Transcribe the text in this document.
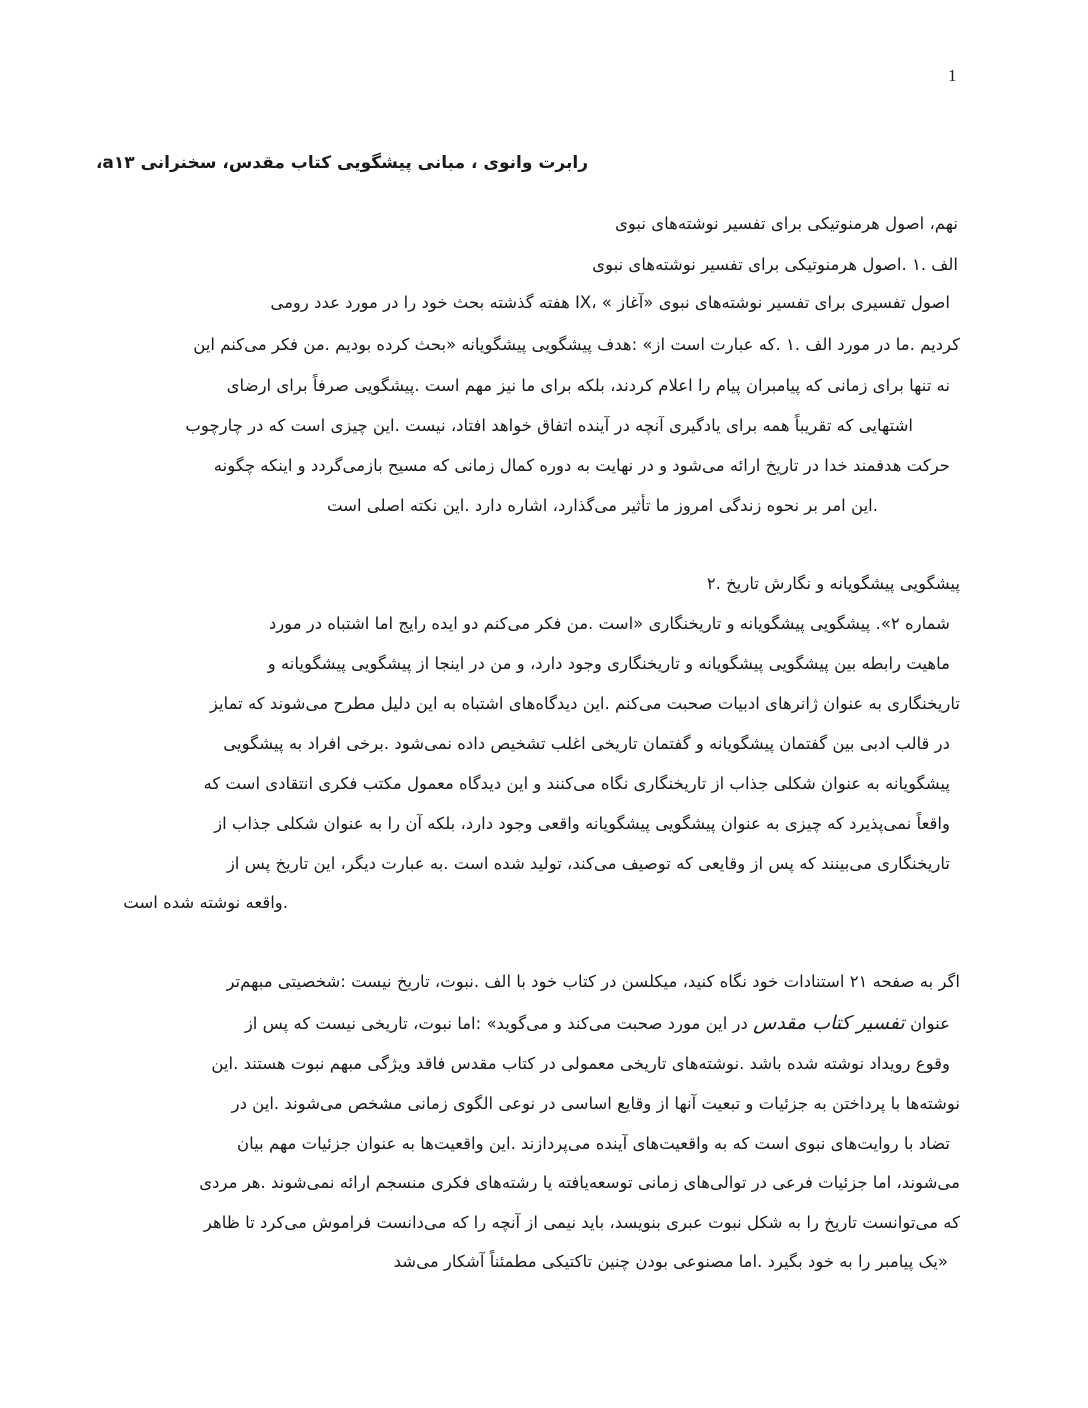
1
،aرابرت وانوی ، مبانی پیشگویی کتاب مقدس، سخنرانی ۱۳
نهم، اصول هرمنوتیکی برای تفسیر نوشته‌های نبوی
الف .۱ .اصول هرمنوتیکی برای تفسیر نوشته‌های نبوی
اصول تفسیری برای تفسیر نوشته‌های نبوی «آغاز » ،IX هفته گذشته بحث خود را در مورد عدد رومی
کردیم .ما در مورد الف .۱ .که عبارت است از» :هدف پیشگویی پیشگویانه «بحث کرده بودیم .من فکر می‌کنم این
نه تنها برای زمانی که پیامبران پیام را اعلام کردند، بلکه برای ما نیز مهم است .پیشگویی صرفاً برای ارضای
اشتهایی که تقریباً همه برای یادگیری آنچه در آینده اتفاق خواهد افتاد، نیست .این چیزی است که در چارچوب
حرکت هدفمند خدا در تاریخ ارائه می‌شود و در نهایت به دوره کمال زمانی که مسیح بازمی‌گردد و اینکه چگونه
.این امر بر نحوه زندگی امروز ما تأثیر می‌گذارد، اشاره دارد .این نکته اصلی است
پیشگویی پیشگویانه و نگارش تاریخ .۲
شماره ۲». پیشگویی پیشگویانه و تاریخنگاری «است .من فکر می‌کنم دو ایده رایج اما اشتباه در مورد
ماهیت رابطه بین پیشگویی پیشگویانه و تاریخنگاری وجود دارد، و من در اینجا از پیشگویی پیشگویانه و
تاریخنگاری به عنوان ژانرهای ادبیات صحبت می‌کنم .این دیدگاه‌های اشتباه به این دلیل مطرح می‌شوند که تمایز
در قالب ادبی بین گفتمان پیشگویانه و گفتمان تاریخی اغلب تشخیص داده نمی‌شود .برخی افراد به پیشگویی
پیشگویانه به عنوان شکلی جذاب از تاریخنگاری نگاه می‌کنند و این دیدگاه معمول مکتب فکری انتقادی است که
واقعاً نمی‌پذیرد که چیزی به عنوان پیشگویی پیشگویانه واقعی وجود دارد، بلکه آن را به عنوان شکلی جذاب از
تاریخنگاری می‌بینند که پس از وقایعی که توصیف می‌کند، تولید شده است .به عبارت دیگر، این تاریخ پس از
.واقعه نوشته شده است
اگر به صفحه ۲۱ استنادات خود نگاه کنید، میکلسن در کتاب خود با الف .نبوت، تاریخ نیست :شخصیتی مبهم‌تر
عنوان تفسیر کتاب مقدس در این مورد صحبت می‌کند و می‌گوید» :اما نبوت، تاریخی نیست که پس از
وقوع رویداد نوشته شده باشد .نوشته‌های تاریخی معمولی در کتاب مقدس فاقد ویژگی مبهم نبوت هستند .این
نوشته‌ها با پرداختن به جزئیات و تبعیت آنها از وقایع اساسی در نوعی الگوی زمانی مشخص می‌شوند .این در
تضاد با روایت‌های نبوی است که به واقعیت‌های آینده می‌پردازند .این واقعیت‌ها به عنوان جزئیات مهم بیان
می‌شوند، اما جزئیات فرعی در توالی‌های زمانی توسعه‌یافته یا رشته‌های فکری منسجم ارائه نمی‌شوند .هر مردی
که می‌توانست تاریخ را به شکل نبوت عبری بنویسد، باید نیمی از آنچه را که می‌دانست فراموش می‌کرد تا ظاهر
«یک پیامبر را به خود بگیرد .اما مصنوعی بودن چنین تاکتیکی مطمئناً آشکار می‌شد
